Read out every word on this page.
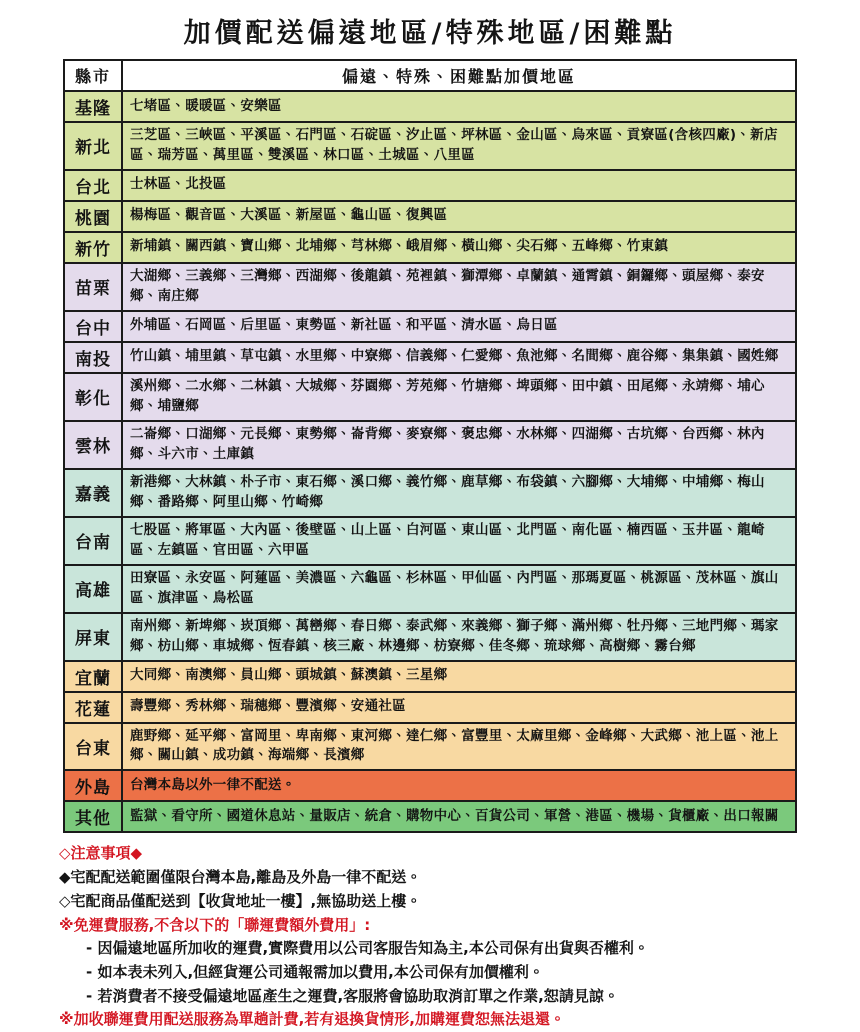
加價配送偏遠地區/特殊地區/困難點
縣市	偏遠、特殊、困難點加價地區
基隆	七堵區、暖暖區、安樂區
新北	三芝區、三峽區、平溪區、石門區、石碇區、汐止區、坪林區、金山區、烏來區、貢寮區(含核四廠)、新店區、瑞芳區、萬里區、雙溪區、林口區、土城區、八里區
台北	士林區、北投區
桃園	楊梅區、觀音區、大溪區、新屋區、龜山區、復興區
新竹	新埔鎮、關西鎮、寶山鄉、北埔鄉、芎林鄉、峨眉鄉、橫山鄉、尖石鄉、五峰鄉、竹東鎮
苗栗	大湖鄉、三義鄉、三灣鄉、西湖鄉、後龍鎮、苑裡鎮、獅潭鄉、卓蘭鎮、通霄鎮、銅鑼鄉、頭屋鄉、泰安鄉、南庄鄉
台中	外埔區、石岡區、后里區、東勢區、新社區、和平區、清水區、烏日區
南投	竹山鎮、埔里鎮、草屯鎮、水里鄉、中寮鄉、信義鄉、仁愛鄉、魚池鄉、名間鄉、鹿谷鄉、集集鎮、國姓鄉
彰化	溪州鄉、二水鄉、二林鎮、大城鄉、芬園鄉、芳苑鄉、竹塘鄉、埤頭鄉、田中鎮、田尾鄉、永靖鄉、埔心鄉、埔鹽鄉
雲林	二崙鄉、口湖鄉、元長鄉、東勢鄉、崙背鄉、麥寮鄉、褒忠鄉、水林鄉、四湖鄉、古坑鄉、台西鄉、林內鄉、斗六市、土庫鎮
嘉義	新港鄉、大林鎮、朴子市、東石鄉、溪口鄉、義竹鄉、鹿草鄉、布袋鎮、六腳鄉、大埔鄉、中埔鄉、梅山鄉、番路鄉、阿里山鄉、竹崎鄉
台南	七股區、將軍區、大內區、後壁區、山上區、白河區、東山區、北門區、南化區、楠西區、玉井區、龍崎區、左鎮區、官田區、六甲區
高雄	田寮區、永安區、阿蓮區、美濃區、六龜區、杉林區、甲仙區、內門區、那瑪夏區、桃源區、茂林區、旗山區、旗津區、鳥松區
屏東	南州鄉、新埤鄉、崁頂鄉、萬巒鄉、春日鄉、泰武鄉、來義鄉、獅子鄉、滿州鄉、牡丹鄉、三地門鄉、瑪家鄉、枋山鄉、車城鄉、恆春鎮、核三廠、林邊鄉、枋寮鄉、佳冬鄉、琉球鄉、高樹鄉、霧台鄉
宜蘭	大同鄉、南澳鄉、員山鄉、頭城鎮、蘇澳鎮、三星鄉
花蓮	壽豐鄉、秀林鄉、瑞穗鄉、豐濱鄉、安通社區
台東	鹿野鄉、延平鄉、富岡里、卑南鄉、東河鄉、達仁鄉、富豐里、太麻里鄉、金峰鄉、大武鄉、池上區、池上鄉、關山鎮、成功鎮、海端鄉、長濱鄉
外島	台灣本島以外一律不配送。
其他	監獄、看守所、國道休息站、量販店、統倉、購物中心、百貨公司、軍營、港區、機場、貨櫃廠、出口報關
◇注意事項◆
◆宅配配送範圍僅限台灣本島,離島及外島一律不配送。
◇宅配商品僅配送到【收貨地址一樓】,無協助送上樓。
※免運費服務,不含以下的「聯運費額外費用」:
- 因偏遠地區所加收的運費,實際費用以公司客服告知為主,本公司保有出貨與否權利。
- 如本表未列入,但經貨運公司通報需加以費用,本公司保有加價權利。
- 若消費者不接受偏遠地區產生之運費,客服將會協助取消訂單之作業,恕請見諒。
※加收聯運費用配送服務為單趟計費,若有退換貨情形,加購運費恕無法退還。
